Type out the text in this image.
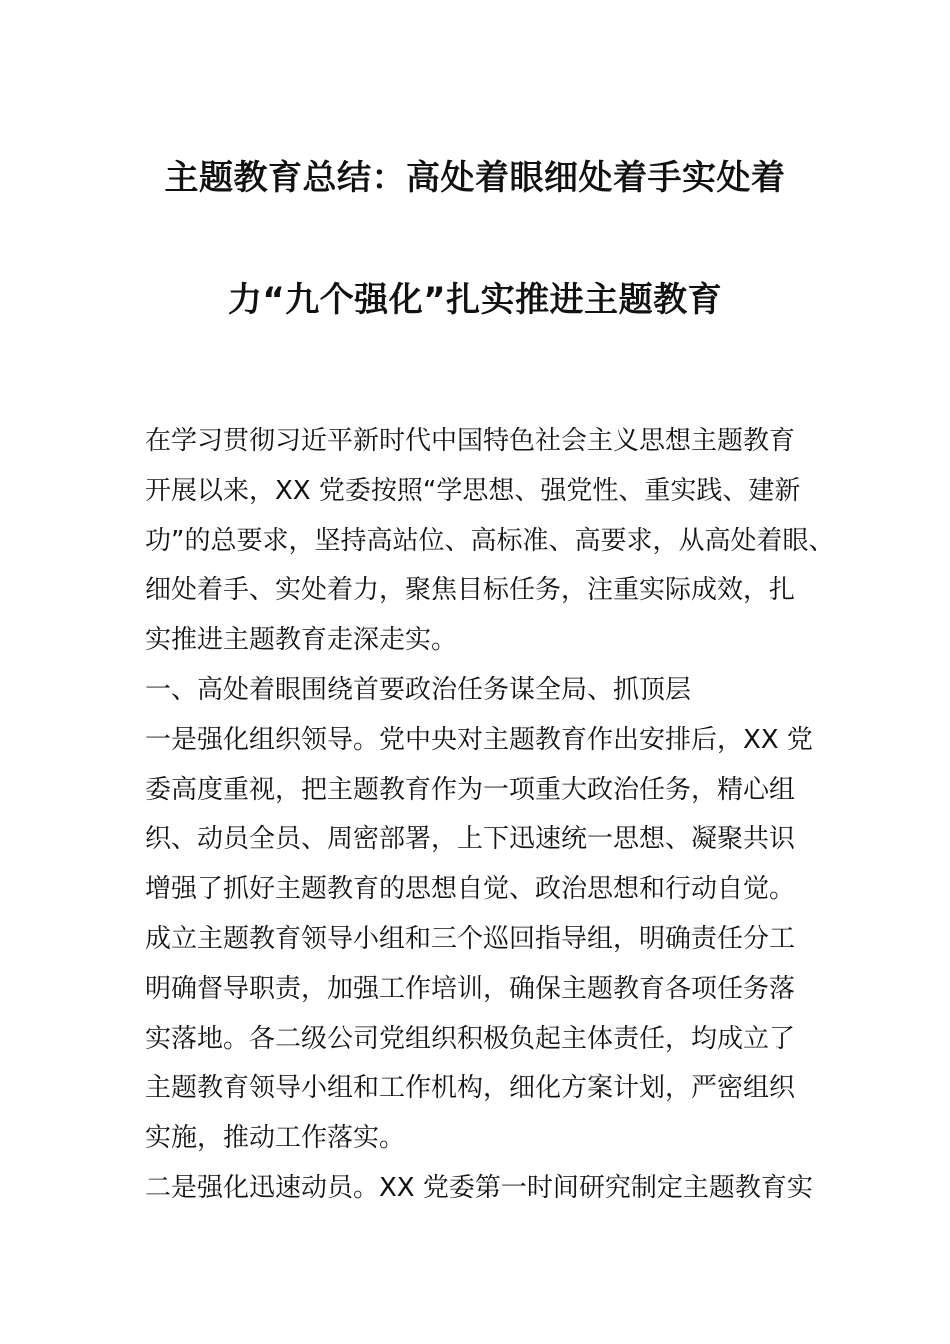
主题教育总结：高处着眼细处着手实处着
力“九个强化”扎实推进主题教育
在学习贯彻习近平新时代中国特色社会主义思想主题教育
开展以来，XX 党委按照“学思想、强党性、重实践、建新
功”的总要求，坚持高站位、高标准、高要求，从高处着眼、
细处着手、实处着力，聚焦目标任务，注重实际成效，扎
实推进主题教育走深走实。
一、高处着眼围绕首要政治任务谋全局、抓顶层
一是强化组织领导。党中央对主题教育作出安排后，XX 党
委高度重视，把主题教育作为一项重大政治任务，精心组
织、动员全员、周密部署，上下迅速统一思想、凝聚共识
增强了抓好主题教育的思想自觉、政治思想和行动自觉。
成立主题教育领导小组和三个巡回指导组，明确责任分工
明确督导职责，加强工作培训，确保主题教育各项任务落
实落地。各二级公司党组织积极负起主体责任，均成立了
主题教育领导小组和工作机构，细化方案计划，严密组织
实施，推动工作落实。
二是强化迅速动员。XX 党委第一时间研究制定主题教育实
